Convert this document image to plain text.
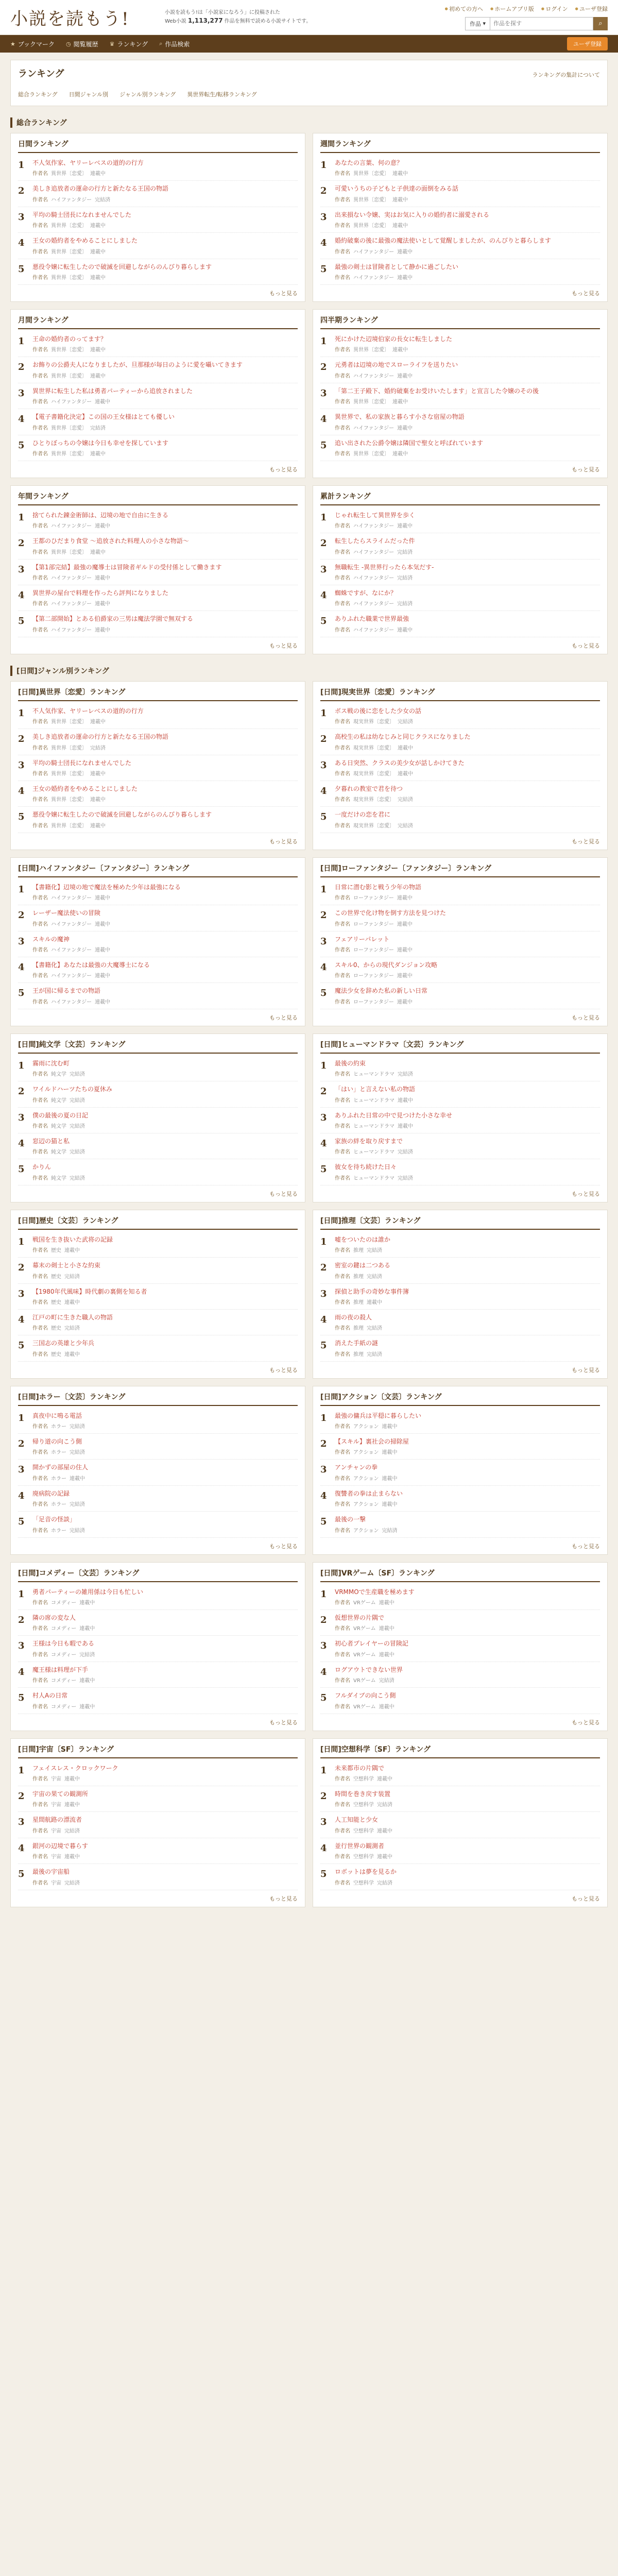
小説を読もう!	小説を読もう!は「小説家になろう」に投稿された
Web小説 1,113,277 作品を無料で読める小説サイトです。
● 初めての方へ	● ホームアプリ版	● ログイン	● ユーザ登録
作品 ▾
作品を探す	⌕
★ ブックマーク ◷ 閲覧履歴 ♛ ランキング ⌕ 作品検索	ユーザ登録
ランキング	ランキングの集計について
総合ランキング 日間ジャンル別 ジャンル別ランキング 異世界転生/転移ランキング
総合ランキング
日間ランキング
1	不人気作家、ヤリーレベスの道的の行方
作者名 異世界〔恋愛〕 連載中
2	美しき追放者の運命の行方と新たなる王国の物語
作者名 ハイファンタジー 完結済
3	平均の騎士団長になれませんでした
作者名 異世界〔恋愛〕 連載中
4	王女の婚約者をやめることにしました
作者名 異世界〔恋愛〕 連載中
5	悪役令嬢に転生したので破滅を回避しながらのんびり暮らします
作者名 異世界〔恋愛〕 連載中
もっと見る
週間ランキング
1	あなたの言葉、何の意？
作者名 異世界〔恋愛〕 連載中
2	可愛いうちの子どもと子供達の面倒をみる話
作者名 異世界〔恋愛〕 連載中
3	出来損ない令嬢、実はお気に入りの婚約者に溺愛される
作者名 異世界〔恋愛〕 連載中
4	婚約破棄の後に最強の魔法使いとして覚醒しましたが、のんびりと暮らします
作者名 ハイファンタジー 連載中
5	最強の剣士は冒険者として静かに過ごしたい
作者名 ハイファンタジー 連載中
もっと見る
月間ランキング
1	王命の婚約者のってます？
作者名 異世界〔恋愛〕 連載中
2	お飾りの公爵夫人になりましたが、旦那様が毎日のように愛を囁いてきます
作者名 異世界〔恋愛〕 連載中
3	異世界に転生した私は勇者パーティーから追放されました
作者名 ハイファンタジー 連載中
4	【電子書籍化決定】この国の王女様はとても優しい
作者名 異世界〔恋愛〕 完結済
5	ひとりぼっちの令嬢は今日も幸せを探しています
作者名 異世界〔恋愛〕 連載中
もっと見る
四半期ランキング
1	死にかけた辺境伯家の長女に転生しました
作者名 異世界〔恋愛〕 連載中
2	元勇者は辺境の地でスローライフを送りたい
作者名 ハイファンタジー 連載中
3	「第二王子殿下、婚約破棄をお受けいたします」と宣言した令嬢のその後
作者名 異世界〔恋愛〕 連載中
4	異世界で、私の家族と暮らす小さな宿屋の物語
作者名 ハイファンタジー 連載中
5	追い出された公爵令嬢は隣国で聖女と呼ばれています
作者名 異世界〔恋愛〕 連載中
もっと見る
年間ランキング
1	捨てられた錬金術師は、辺境の地で自由に生きる
作者名 ハイファンタジー 連載中
2	王都のひだまり食堂 〜追放された料理人の小さな物語〜
作者名 異世界〔恋愛〕 連載中
3	【第1部完結】最強の魔導士は冒険者ギルドの受付係として働きます
作者名 ハイファンタジー 連載中
4	異世界の屋台で料理を作ったら評判になりました
作者名 ハイファンタジー 連載中
5	【第二部開始】とある伯爵家の三男は魔法学園で無双する
作者名 ハイファンタジー 連載中
もっと見る
累計ランキング
1	じゃれ転生して異世界を歩く
作者名 ハイファンタジー 連載中
2	転生したらスライムだった件
作者名 ハイファンタジー 完結済
3	無職転生 ‐異世界行ったら本気だす‐
作者名 ハイファンタジー 完結済
4	蜘蛛ですが、なにか？
作者名 ハイファンタジー 完結済
5	ありふれた職業で世界最強
作者名 ハイファンタジー 連載中
もっと見る
[日間]ジャンル別ランキング
[日間]異世界〔恋愛〕ランキング
1	不人気作家、ヤリーレベスの道的の行方
作者名 異世界〔恋愛〕 連載中
2	美しき追放者の運命の行方と新たなる王国の物語
作者名 異世界〔恋愛〕 完結済
3	平均の騎士団長になれませんでした
作者名 異世界〔恋愛〕 連載中
4	王女の婚約者をやめることにしました
作者名 異世界〔恋愛〕 連載中
5	悪役令嬢に転生したので破滅を回避しながらのんびり暮らします
作者名 異世界〔恋愛〕 連載中
もっと見る
[日間]現実世界〔恋愛〕ランキング
1	ボス戦の後に恋をした少女の話
作者名 現実世界〔恋愛〕 完結済
2	高校生の私は幼なじみと同じクラスになりました
作者名 現実世界〔恋愛〕 連載中
3	ある日突然、クラスの美少女が話しかけてきた
作者名 現実世界〔恋愛〕 連載中
4	夕暮れの教室で君を待つ
作者名 現実世界〔恋愛〕 完結済
5	一度だけの恋を君に
作者名 現実世界〔恋愛〕 完結済
もっと見る
[日間]ハイファンタジー〔ファンタジー〕ランキング
1	【書籍化】辺境の地で魔法を極めた少年は最強になる
作者名 ハイファンタジー 連載中
2	レーザー魔法使いの冒険
作者名 ハイファンタジー 連載中
3	スキルの魔神
作者名 ハイファンタジー 連載中
4	【書籍化】あなたは最強の大魔導士になる
作者名 ハイファンタジー 連載中
5	王が国に帰るまでの物語
作者名 ハイファンタジー 連載中
もっと見る
[日間]ローファンタジー〔ファンタジー〕ランキング
1	日常に潜む影と戦う少年の物語
作者名 ローファンタジー 連載中
2	この世界で化け物を倒す方法を見つけた
作者名 ローファンタジー 連載中
3	フェアリーパレット
作者名 ローファンタジー 連載中
4	スキル0、からの現代ダンジョン攻略
作者名 ローファンタジー 連載中
5	魔法少女を辞めた私の新しい日常
作者名 ローファンタジー 連載中
もっと見る
[日間]純文学〔文芸〕ランキング
1	霧雨に沈む町
作者名 純文学 完結済
2	ワイルドハーツたちの夏休み
作者名 純文学 完結済
3	僕の最後の夏の日記
作者名 純文学 完結済
4	窓辺の猫と私
作者名 純文学 完結済
5	かりん
作者名 純文学 完結済
もっと見る
[日間]ヒューマンドラマ〔文芸〕ランキング
1	最後の約束
作者名 ヒューマンドラマ 完結済
2	「はい」と言えない私の物語
作者名 ヒューマンドラマ 連載中
3	ありふれた日常の中で見つけた小さな幸せ
作者名 ヒューマンドラマ 連載中
4	家族の絆を取り戻すまで
作者名 ヒューマンドラマ 完結済
5	彼女を待ち続けた日々
作者名 ヒューマンドラマ 完結済
もっと見る
[日間]歴史〔文芸〕ランキング
1	戦国を生き抜いた武将の記録
作者名 歴史 連載中
2	幕末の剣士と小さな約束
作者名 歴史 完結済
3	【1980年代風味】時代劇の裏側を知る者
作者名 歴史 連載中
4	江戸の町に生きた職人の物語
作者名 歴史 完結済
5	三国志の英雄と少年兵
作者名 歴史 連載中
もっと見る
[日間]推理〔文芸〕ランキング
1	嘘をついたのは誰か
作者名 推理 完結済
2	密室の鍵は二つある
作者名 推理 完結済
3	探偵と助手の奇妙な事件簿
作者名 推理 連載中
4	雨の夜の殺人
作者名 推理 完結済
5	消えた手紙の謎
作者名 推理 完結済
もっと見る
[日間]ホラー〔文芸〕ランキング
1	真夜中に鳴る電話
作者名 ホラー 完結済
2	帰り道の向こう側
作者名 ホラー 完結済
3	開かずの部屋の住人
作者名 ホラー 連載中
4	廃病院の記録
作者名 ホラー 完結済
5	「足音の怪談」
作者名 ホラー 完結済
もっと見る
[日間]アクション〔文芸〕ランキング
1	最強の傭兵は平穏に暮らしたい
作者名 アクション 連載中
2	【スキル】裏社会の掃除屋
作者名 アクション 連載中
3	アンチャンの拳
作者名 アクション 連載中
4	復讐者の拳は止まらない
作者名 アクション 連載中
5	最後の一撃
作者名 アクション 完結済
もっと見る
[日間]コメディー〔文芸〕ランキング
1	勇者パーティーの雑用係は今日も忙しい
作者名 コメディー 連載中
2	隣の席の変な人
作者名 コメディー 連載中
3	王様は今日も暇である
作者名 コメディー 完結済
4	魔王様は料理が下手
作者名 コメディー 連載中
5	村人Aの日常
作者名 コメディー 連載中
もっと見る
[日間]VRゲーム〔SF〕ランキング
1	VRMMOで生産職を極めます
作者名 VRゲーム 連載中
2	仮想世界の片隅で
作者名 VRゲーム 連載中
3	初心者プレイヤーの冒険記
作者名 VRゲーム 連載中
4	ログアウトできない世界
作者名 VRゲーム 完結済
5	フルダイブの向こう側
作者名 VRゲーム 連載中
もっと見る
[日間]宇宙〔SF〕ランキング
1	フェイスレス・クロックワーク
作者名 宇宙 連載中
2	宇宙の果ての観測所
作者名 宇宙 連載中
3	星間航路の漂流者
作者名 宇宙 完結済
4	銀河の辺境で暮らす
作者名 宇宙 連載中
5	最後の宇宙船
作者名 宇宙 完結済
もっと見る
[日間]空想科学〔SF〕ランキング
1	未来都市の片隅で
作者名 空想科学 連載中
2	時間を巻き戻す装置
作者名 空想科学 完結済
3	人工知能と少女
作者名 空想科学 連載中
4	並行世界の観測者
作者名 空想科学 連載中
5	ロボットは夢を見るか
作者名 空想科学 完結済
もっと見る
